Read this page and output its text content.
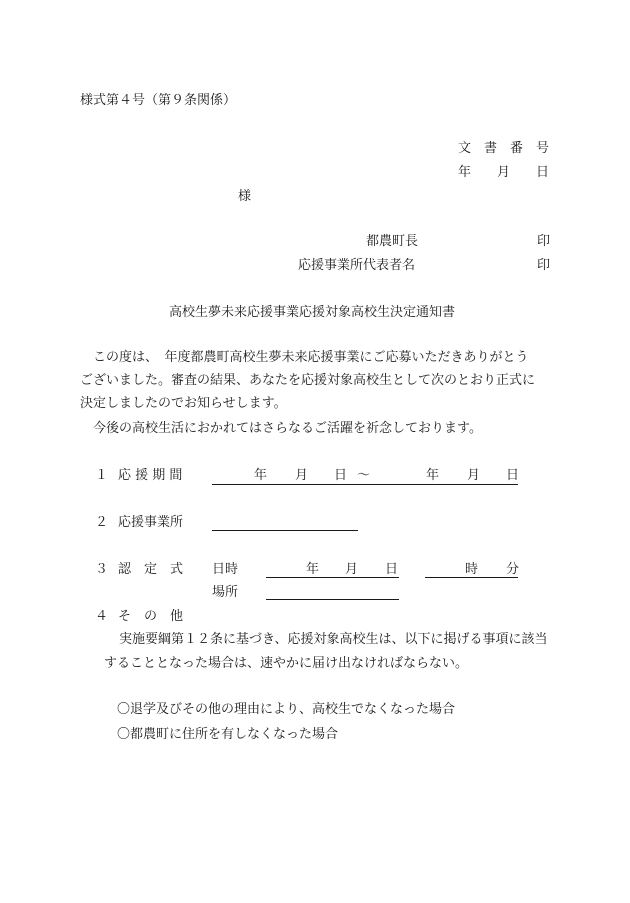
様式第４号（第９条関係）
文　書　番　号
年　　月　　日
様
都農町長	印
応援事業所代表者名	印
高校生夢未来応援事業応援対象高校生決定通知書
この度は、　年度都農町高校生夢未来応援事業にご応募いただきありがとう
ございました。審査の結果、あなたを応援対象高校生として次のとおり正式に
決定しましたのでお知らせします。
今後の高校生活におかれてはさらなるご活躍を祈念しております。
１ 応 援 期 間	年 月 日 ～	年 月 日
２ 応援事業所
３ 認　定　式 日時	年 月 日	時 分
場所
４ そ　の　他
実施要綱第１２条に基づき、応援対象高校生は、以下に掲げる事項に該当
することとなった場合は、速やかに届け出なければならない。
〇退学及びその他の理由により、高校生でなくなった場合
〇都農町に住所を有しなくなった場合
